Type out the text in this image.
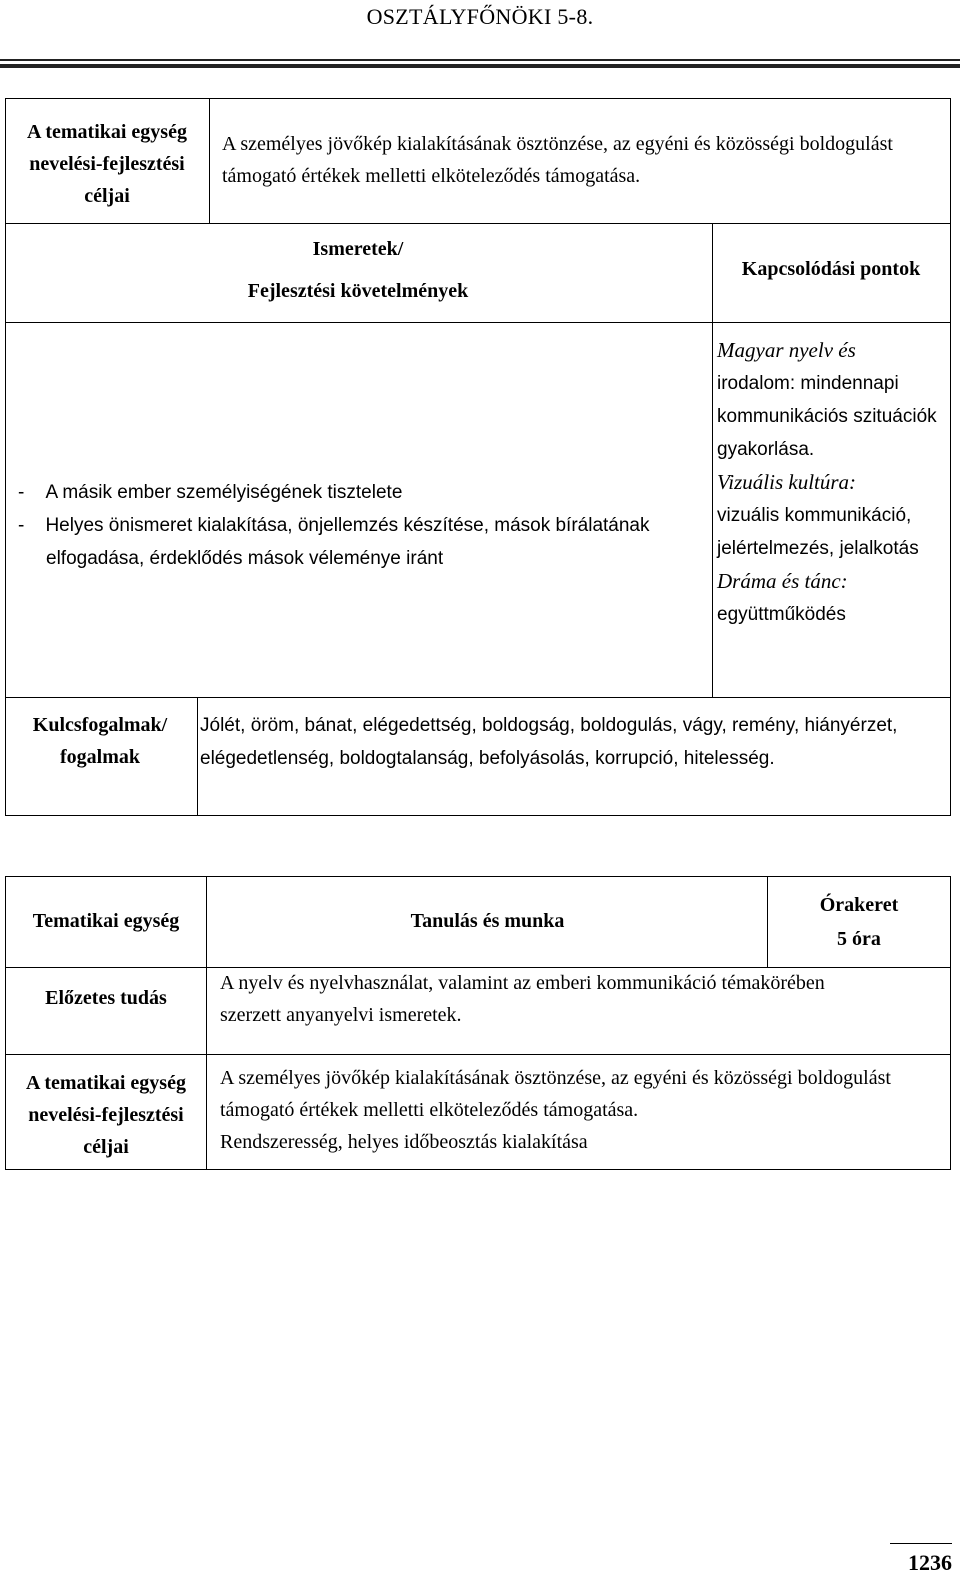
OSZTÁLYFŐNÖKI 5-8.
A tematikai egység nevelési-fejlesztési céljai
A személyes jövőkép kialakításának ösztönzése, az egyéni és közösségi boldogulást támogató értékek melletti elköteleződés támogatása.
Ismeretek/
Fejlesztési követelmények
Kapcsolódási pontok
-    A másik ember személyiségének tisztelete
-    Helyes önismeret kialakítása, önjellemzés készítése, mások bírálatának elfogadása, érdeklődés mások véleménye iránt
Magyar nyelv és
irodalom: mindennapi kommunikációs szituációk gyakorlása.
Vizuális kultúra:
vizuális kommunikáció, jelértelmezés, jelalkotás
Dráma és tánc:
együttműködés
Kulcsfogalmak/ fogalmak
Jólét, öröm, bánat, elégedettség, boldogság, boldogulás, vágy, remény, hiányérzet, elégedetlenség, boldogtalanság, befolyásolás, korrupció, hitelesség.
Tematikai egység	Tanulás és munka
Órakeret
5 óra
Előzetes tudás
A nyelv és nyelvhasználat, valamint az emberi kommunikáció témakörében szerzett anyanyelvi ismeretek.
A tematikai egység nevelési-fejlesztési céljai
A személyes jövőkép kialakításának ösztönzése, az egyéni és közösségi boldogulást támogató értékek melletti elköteleződés támogatása.
Rendszeresség, helyes időbeosztás kialakítása
1236
